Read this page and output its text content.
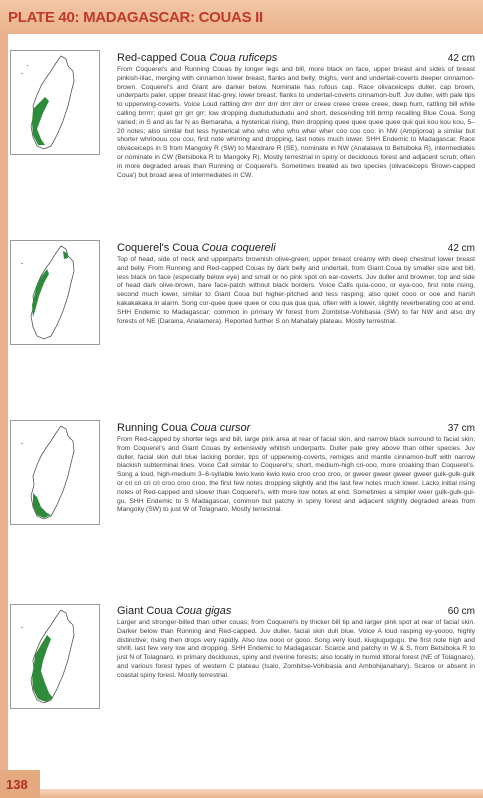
PLATE 40: MADAGASCAR: COUAS II
Red-capped Coua Coua ruficeps	42 cm
From Coquerel's and Running Couas by longer legs and bill, more black on face, upper breast and sides of breast pinkish-lilac, merging with cinnamon lower breast, flanks and belly; thighs, vent and undertail-coverts deeper cinnamon-brown. Coquerel's and Giant are darker below. Nominate has rufous cap. Race olivaceiceps duller, cap brown, underparts paler, upper breast lilac-grey, lower breast, flanks to undertail-coverts cinnamon-buff. Juv duller, with pale tips to upperwing-coverts. Voice Loud rattling drrr drrr drrr drrr drrr or creee creee creee creee, deep hum, rattling bill while calling brrrrr; quiet grr grr grr; low dropping dudududududu and short, descending trill brrrip recalling Blue Coua. Song varied; in S and as far N as Bemaraha, a hysterical rising, then dropping quee quee quee quee quii quii kou kou kou, 5–20 notes; also similar but less hysterical who who who who wher wher coo coo coo; in NW (Ampijoroa) a similar but shorter whrioouu cou cou, first note whirring and dropping, last notes much lower. SHH Endemic to Madagascar. Race olivaceiceps in S from Mangoky R (SW) to Mandrare R (SE), nominate in NW (Analalava to Betsiboka R), intermediates or nominate in CW (Betsiboka R to Mangoky R). Mostly terrestrial in spiny or deciduous forest and adjacent scrub; often in more degraded areas than Running or Coquerel's. Sometimes treated as two species (olivaceiceps 'Brown-capped Coua') but broad area of intermediates in CW.
Coquerel's Coua Coua coquereli	42 cm
Top of head, side of neck and upperparts brownish olive-green; upper breast creamy with deep chestnut lower breast and belly. From Running and Red-capped Couas by dark belly and undertail, from Giant Coua by smaller size and bill, less black on face (especially below eye) and small or no pink spot on ear-coverts. Juv duller and browner, top and side of head dark olive-brown, bare face-patch without black borders. Voice Calls quia-cooo, or eya-coo, first note rising, second much lower, similar to Giant Coua but higher-pitched and less rasping; also quiet cooo or ooe and harsh kakakakaka in alarm. Song cor-quee quee quee or cou qua qua qua, often with a lower, slightly reverberating coo at end. SHH Endemic to Madagascar; common in primary W forest from Zombitse-Vohibasia (SW) to far NW and also dry forests of NE (Daraina, Analamera). Reported further S on Mahafaly plateau. Mostly terrestrial.
Running Coua Coua cursor	37 cm
From Red-capped by shorter legs and bill, large pink area at rear of facial skin, and narrow black surround to facial skin; from Coquerel's and Giant Couas by extensively whitish underparts. Duller pale grey above than other species. Juv duller, facial skin dull blue lacking border, tips of upperwing-coverts, remiges and mantle cinnamon-buff with narrow blackish subterminal lines. Voice Call similar to Coquerel's; short, medium-high cri-ooo, more croaking than Coquerel's. Song a loud, high-medium 3–6-syllable kwio kwio kwio kwio croo croo croo, or gweer gweer gweer gweer gulk-gulk-gulk or cri cri cri cri croo croo croo, the first few notes dropping slightly and the last few notes much lower. Lacks initial rising notes of Red-capped and slower than Coquerel's, with more low notes at end. Sometimes a simpler weer gulk-gulk-gul-gu. SHH Endemic to S Madagascar, common but patchy in spiny forest and adjacent slightly degraded areas from Mangoky (SW) to just W of Tolagnaro. Mostly terrestrial.
Giant Coua Coua gigas	60 cm
Larger and stronger-billed than other couas; from Coquerel's by thicker bill tip and larger pink spot at rear of facial skin. Darker below than Running and Red-capped. Juv duller, facial skin dull blue. Voice A loud rasping ey-yoooo, highly distinctive; rising then drops very rapidly. Also low oooo or gooo. Song very loud, kiugiugugugu, the first note high and shrill, last few very low and dropping. SHH Endemic to Madagascar. Scarce and patchy in W & S, from Betsiboka R to just N of Tolagnaro, in primary deciduous, spiny and riverine forests; also locally in humid littoral forest (NE of Tolagnaro), and various forest types of western C plateau (Isalo, Zombitse-Vohibasia and Ambohijanahary). Scarce or absent in coastal spiny forest. Mostly terrestrial.
138
